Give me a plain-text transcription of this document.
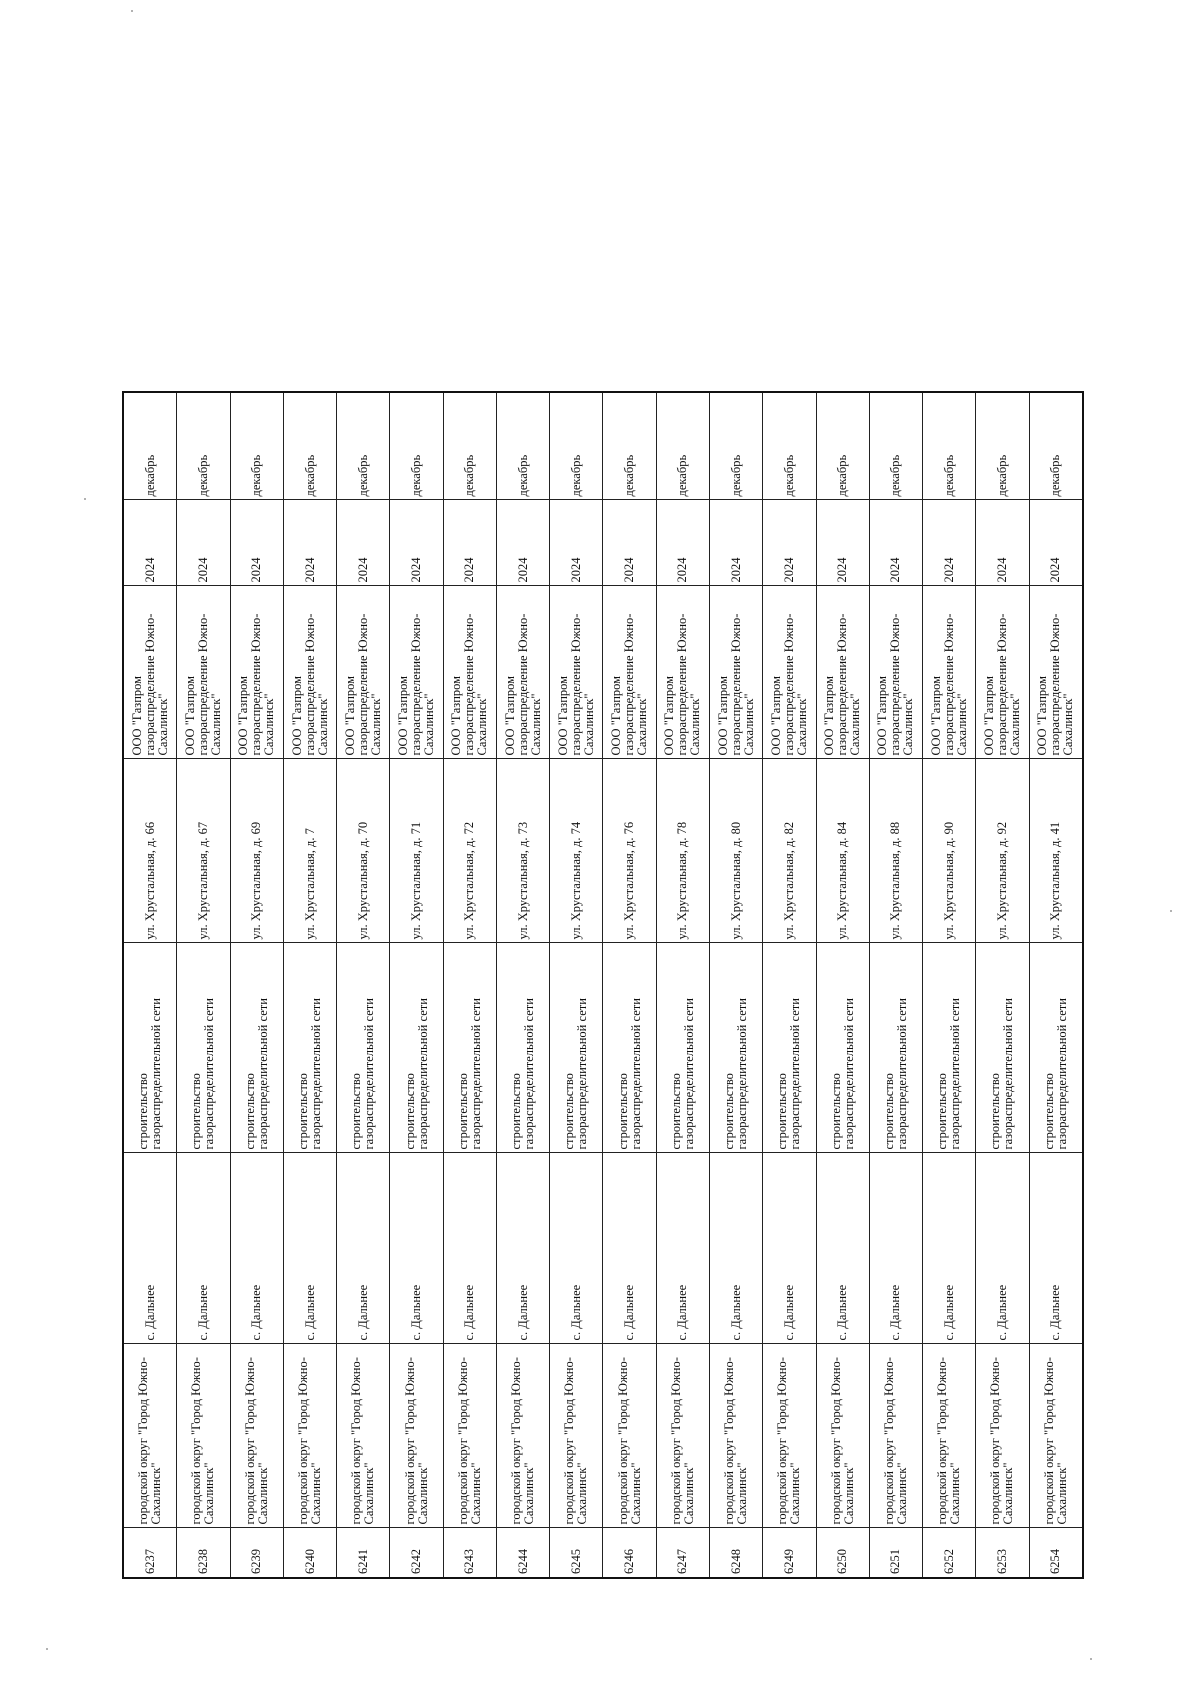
6237	городской округ "Город Южно-Сахалинск"	с. Дальнее	строительство газораспределительной сети	ул. Хрустальная, д. 66	ООО "Газпром газораспределение Южно-Сахалинск"	2024	декабрь
6238	городской округ "Город Южно-Сахалинск"	с. Дальнее	строительство газораспределительной сети	ул. Хрустальная, д. 67	ООО "Газпром газораспределение Южно-Сахалинск"	2024	декабрь
6239	городской округ "Город Южно-Сахалинск"	с. Дальнее	строительство газораспределительной сети	ул. Хрустальная, д. 69	ООО "Газпром газораспределение Южно-Сахалинск"	2024	декабрь
6240	городской округ "Город Южно-Сахалинск"	с. Дальнее	строительство газораспределительной сети	ул. Хрустальная, д. 7	ООО "Газпром газораспределение Южно-Сахалинск"	2024	декабрь
6241	городской округ "Город Южно-Сахалинск"	с. Дальнее	строительство газораспределительной сети	ул. Хрустальная, д. 70	ООО "Газпром газораспределение Южно-Сахалинск"	2024	декабрь
6242	городской округ "Город Южно-Сахалинск"	с. Дальнее	строительство газораспределительной сети	ул. Хрустальная, д. 71	ООО "Газпром газораспределение Южно-Сахалинск"	2024	декабрь
6243	городской округ "Город Южно-Сахалинск"	с. Дальнее	строительство газораспределительной сети	ул. Хрустальная, д. 72	ООО "Газпром газораспределение Южно-Сахалинск"	2024	декабрь
6244	городской округ "Город Южно-Сахалинск"	с. Дальнее	строительство газораспределительной сети	ул. Хрустальная, д. 73	ООО "Газпром газораспределение Южно-Сахалинск"	2024	декабрь
6245	городской округ "Город Южно-Сахалинск"	с. Дальнее	строительство газораспределительной сети	ул. Хрустальная, д. 74	ООО "Газпром газораспределение Южно-Сахалинск"	2024	декабрь
6246	городской округ "Город Южно-Сахалинск"	с. Дальнее	строительство газораспределительной сети	ул. Хрустальная, д. 76	ООО "Газпром газораспределение Южно-Сахалинск"	2024	декабрь
6247	городской округ "Город Южно-Сахалинск"	с. Дальнее	строительство газораспределительной сети	ул. Хрустальная, д. 78	ООО "Газпром газораспределение Южно-Сахалинск"	2024	декабрь
6248	городской округ "Город Южно-Сахалинск"	с. Дальнее	строительство газораспределительной сети	ул. Хрустальная, д. 80	ООО "Газпром газораспределение Южно-Сахалинск"	2024	декабрь
6249	городской округ "Город Южно-Сахалинск"	с. Дальнее	строительство газораспределительной сети	ул. Хрустальная, д. 82	ООО "Газпром газораспределение Южно-Сахалинск"	2024	декабрь
6250	городской округ "Город Южно-Сахалинск"	с. Дальнее	строительство газораспределительной сети	ул. Хрустальная, д. 84	ООО "Газпром газораспределение Южно-Сахалинск"	2024	декабрь
6251	городской округ "Город Южно-Сахалинск"	с. Дальнее	строительство газораспределительной сети	ул. Хрустальная, д. 88	ООО "Газпром газораспределение Южно-Сахалинск"	2024	декабрь
6252	городской округ "Город Южно-Сахалинск"	с. Дальнее	строительство газораспределительной сети	ул. Хрустальная, д. 90	ООО "Газпром газораспределение Южно-Сахалинск"	2024	декабрь
6253	городской округ "Город Южно-Сахалинск"	с. Дальнее	строительство газораспределительной сети	ул. Хрустальная, д. 92	ООО "Газпром газораспределение Южно-Сахалинск"	2024	декабрь
6254	городской округ "Город Южно-Сахалинск"	с. Дальнее	строительство газораспределительной сети	ул. Хрустальная, д. 41	ООО "Газпром газораспределение Южно-Сахалинск"	2024	декабрь
